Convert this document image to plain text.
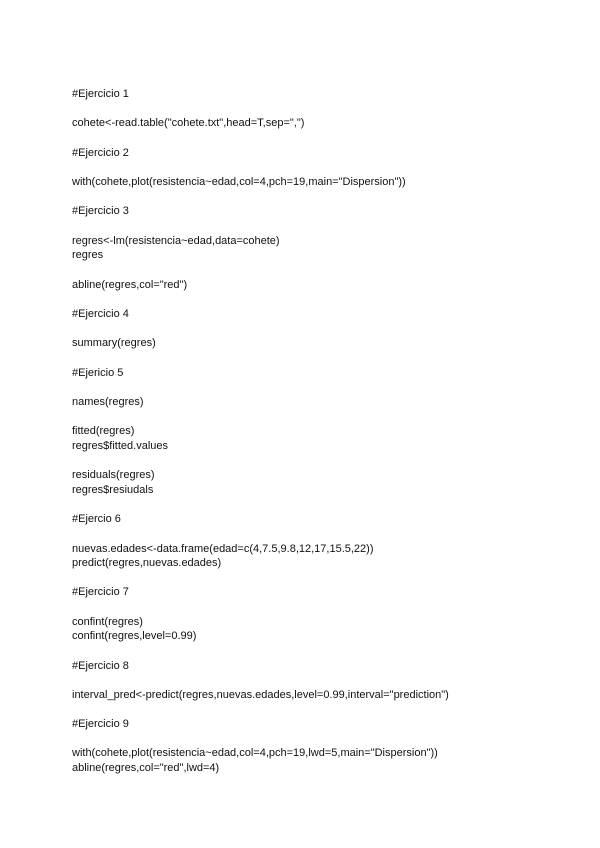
#Ejercicio 1
cohete<-read.table("cohete.txt",head=T,sep=",")
#Ejercicio 2
with(cohete,plot(resistencia~edad,col=4,pch=19,main="Dispersion"))
#Ejercicio 3
regres<-lm(resistencia~edad,data=cohete)
regres
abline(regres,col="red")
#Ejercicio 4
summary(regres)
#Ejericio 5
names(regres)
fitted(regres)
regres$fitted.values
residuals(regres)
regres$resiudals
#Ejercio 6
nuevas.edades<-data.frame(edad=c(4,7.5,9.8,12,17,15.5,22))
predict(regres,nuevas.edades)
#Ejercicio 7
confint(regres)
confint(regres,level=0.99)
#Ejercicio 8
interval_pred<-predict(regres,nuevas.edades,level=0.99,interval="prediction")
#Ejercicio 9
with(cohete,plot(resistencia~edad,col=4,pch=19,lwd=5,main="Dispersion"))
abline(regres,col="red",lwd=4)
